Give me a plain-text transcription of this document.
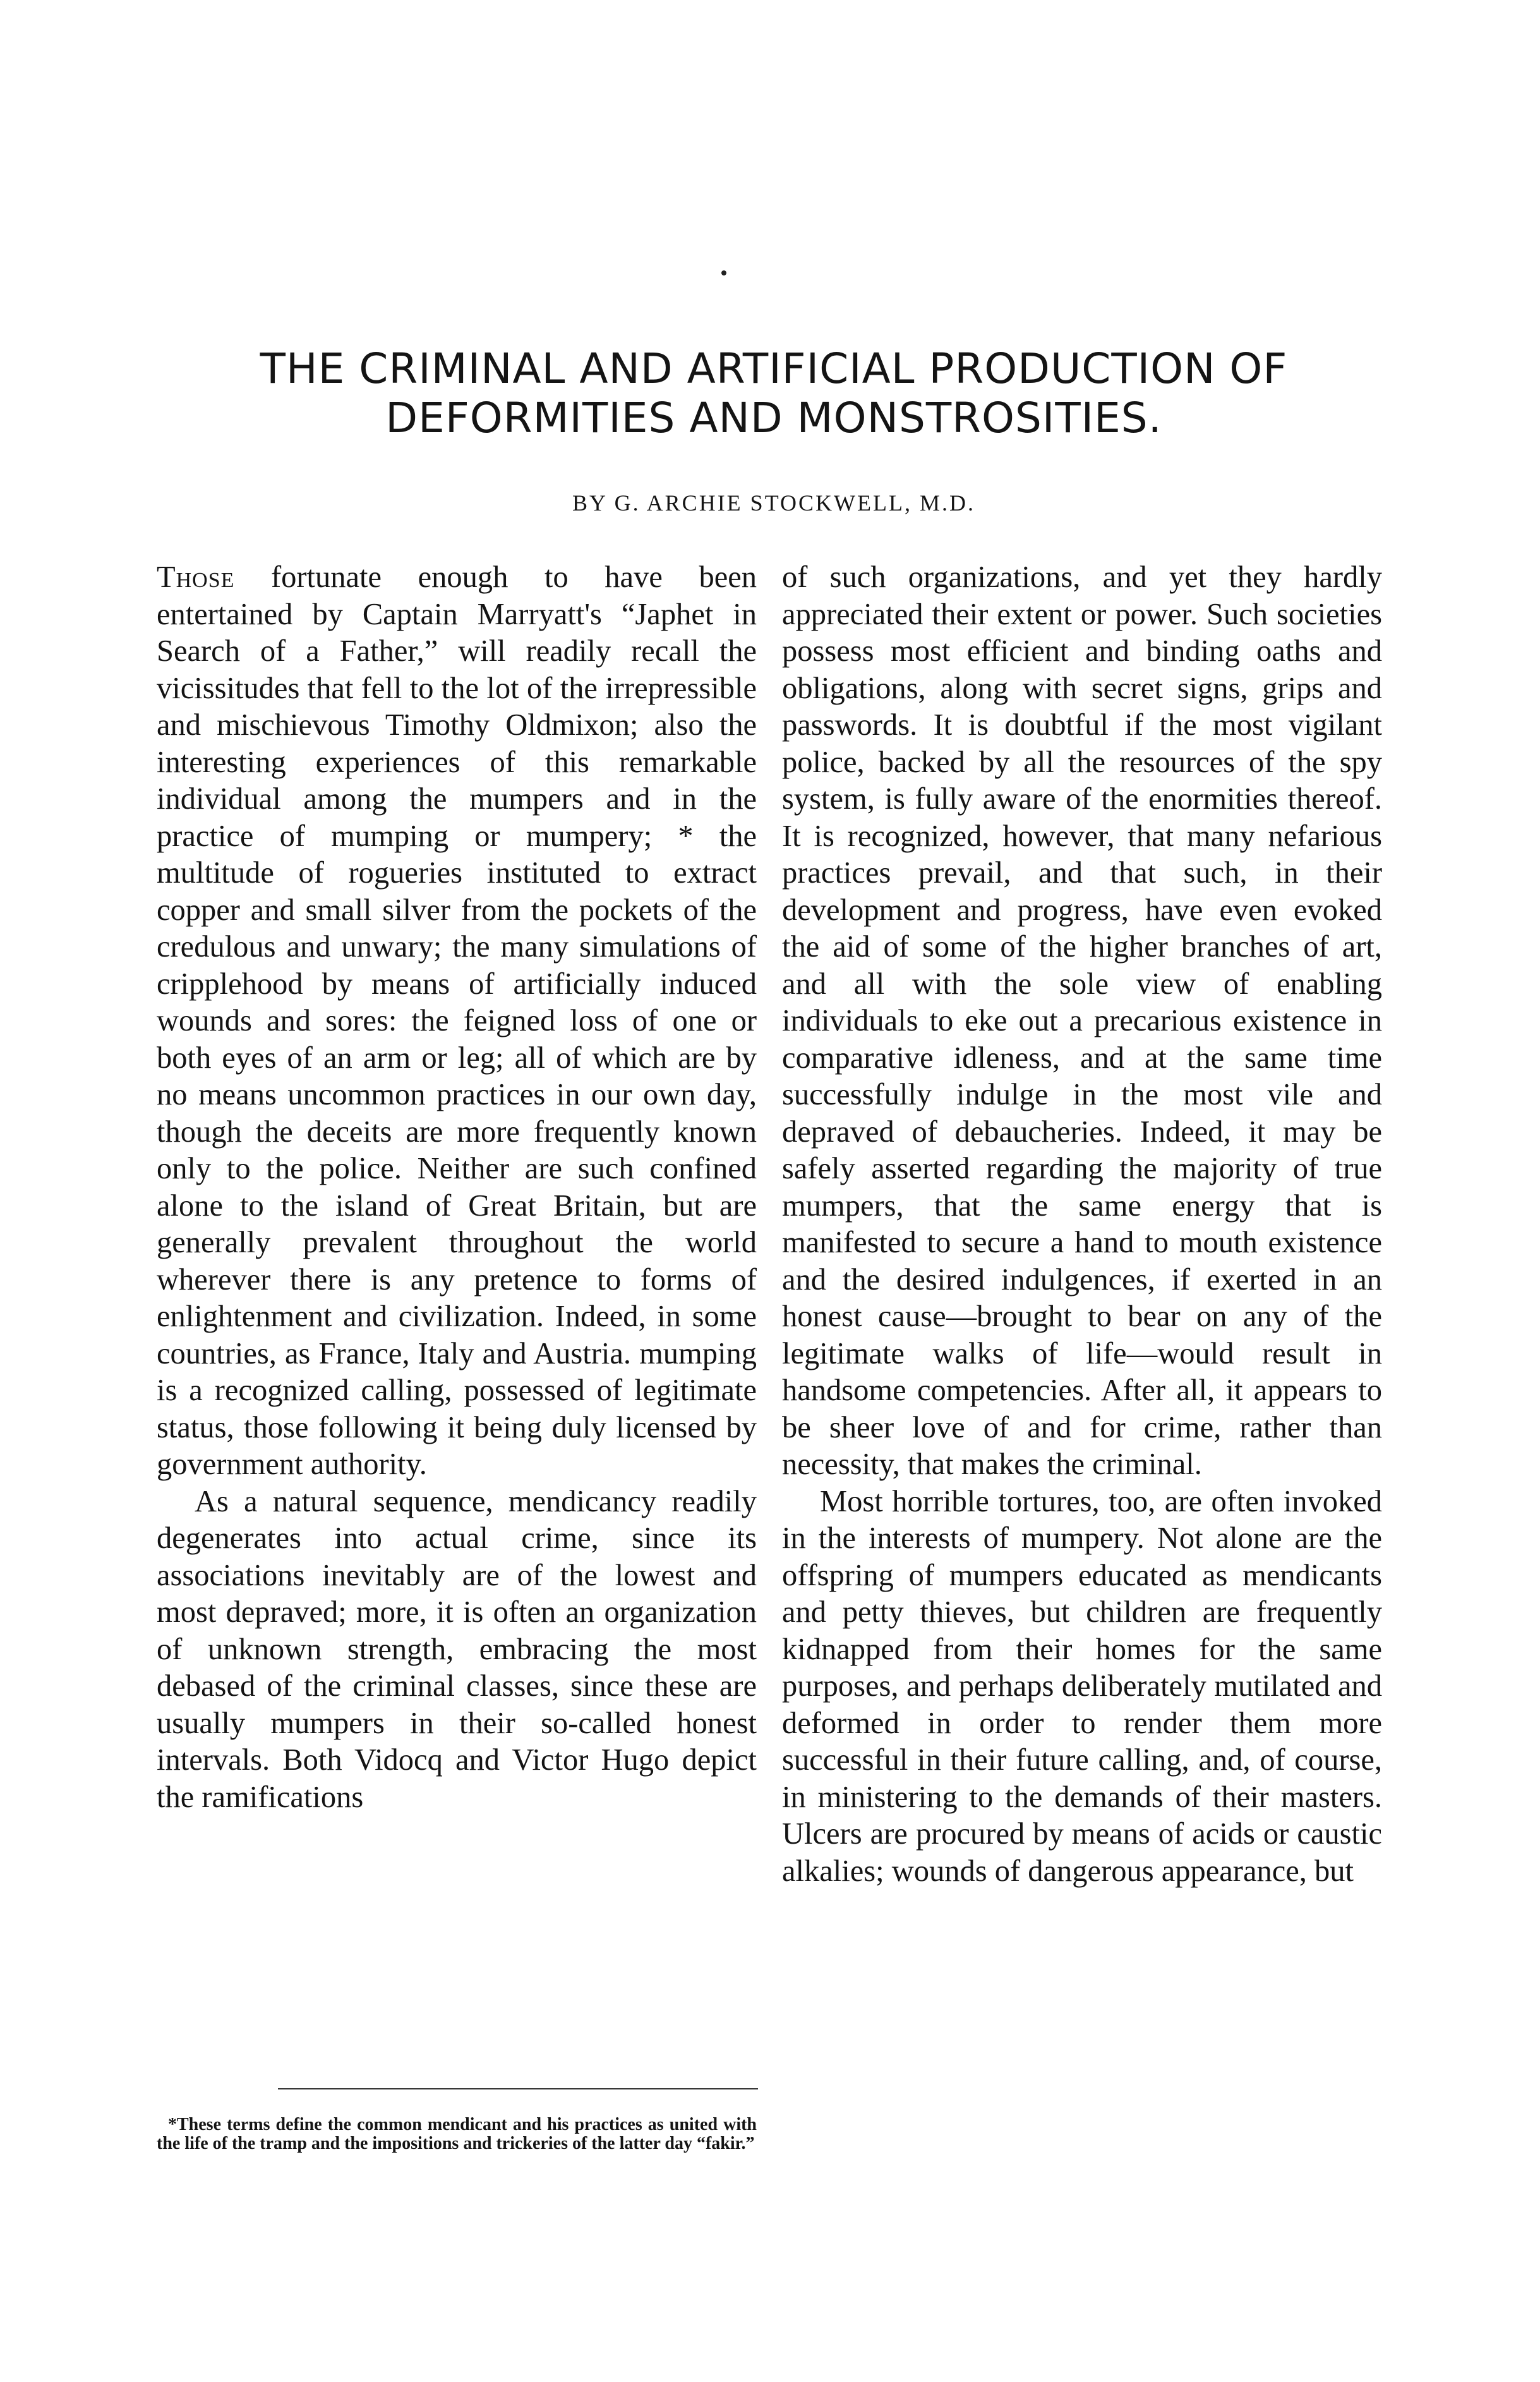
THE CRIMINAL AND ARTIFICIAL PRODUCTION OF
DEFORMITIES AND MONSTROSITIES.

BY G. ARCHIE STOCKWELL, M.D.

Those fortunate enough to have been entertained by Captain Marryatt's “Japhet in Search of a Father,” will readily recall the vicissitudes that fell to the lot of the irrepressible and mischievous Timothy Oldmixon; also the interesting experiences of this remarkable individual among the mumpers and in the practice of mumping or mumpery; * the multitude of rogueries instituted to extract copper and small silver from the pockets of the credulous and unwary; the many simulations of cripplehood by means of artificially induced wounds and sores: the feigned loss of one or both eyes of an arm or leg; all of which are by no means uncommon practices in our own day, though the deceits are more frequently known only to the police. Neither are such confined alone to the island of Great Britain, but are generally prevalent throughout the world wherever there is any pretence to forms of enlightenment and civilization. Indeed, in some countries, as France, Italy and Austria. mumping is a recognized calling, possessed of legitimate status, those following it being duly licensed by government authority.

As a natural sequence, mendicancy readily degenerates into actual crime, since its associations inevitably are of the lowest and most depraved; more, it is often an organization of unknown strength, embracing the most debased of the criminal classes, since these are usually mumpers in their so-called honest intervals. Both Vidocq and Victor Hugo depict the ramifications

of such organizations, and yet they hardly appreciated their extent or power. Such societies possess most efficient and binding oaths and obligations, along with secret signs, grips and passwords. It is doubtful if the most vigilant police, backed by all the resources of the spy system, is fully aware of the enormities thereof. It is recognized, however, that many nefarious practices prevail, and that such, in their development and progress, have even evoked the aid of some of the higher branches of art, and all with the sole view of enabling individuals to eke out a precarious existence in comparative idleness, and at the same time successfully indulge in the most vile and depraved of debaucheries. Indeed, it may be safely asserted regarding the majority of true mumpers, that the same energy that is manifested to secure a hand to mouth existence and the desired indulgences, if exerted in an honest cause—brought to bear on any of the legitimate walks of life—would result in handsome competencies. After all, it appears to be sheer love of and for crime, rather than necessity, that makes the criminal.

Most horrible tortures, too, are often invoked in the interests of mumpery. Not alone are the offspring of mumpers educated as mendicants and petty thieves, but children are frequently kidnapped from their homes for the same purposes, and perhaps deliberately mutilated and deformed in order to render them more successful in their future calling, and, of course, in ministering to the demands of their masters. Ulcers are procured by means of acids or caustic alkalies; wounds of dangerous appearance, but

*These terms define the common mendicant and his practices as united with the life of the tramp and the impositions and trickeries of the latter day “fakir.”
